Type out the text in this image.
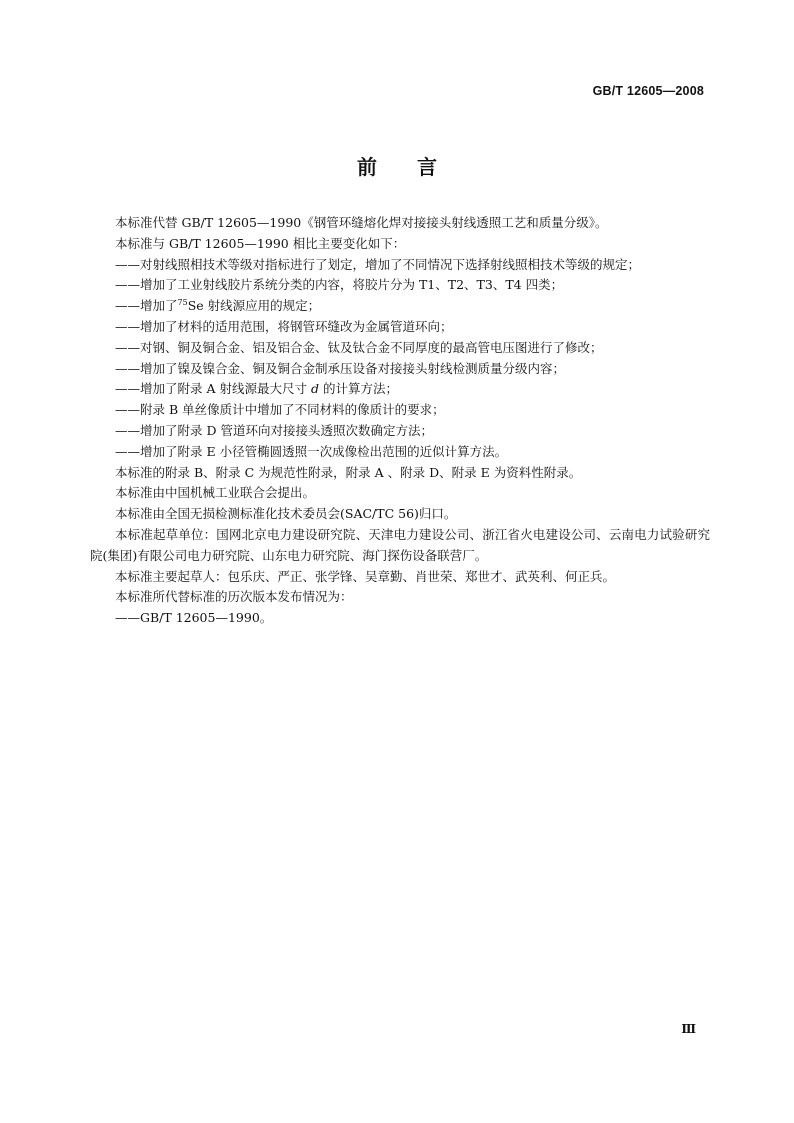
GB/T 12605—2008
前 言

本标准代替 GB/T 12605—1990《钢管环缝熔化焊对接接头射线透照工艺和质量分级》。

本标准与 GB/T 12605—1990 相比主要变化如下：

——对射线照相技术等级对指标进行了划定，增加了不同情况下选择射线照相技术等级的规定；

——增加了工业射线胶片系统分类的内容，将胶片分为 T1、T2、T3、T4 四类；

——增加了$^{75}$Se 射线源应用的规定；

——增加了材料的适用范围，将钢管环缝改为金属管道环向；

——对钢、铜及铜合金、铝及铝合金、钛及钛合金不同厚度的最高管电压图进行了修改；

——增加了镍及镍合金、铜及铜合金制承压设备对接接头射线检测质量分级内容；

——增加了附录 A 射线源最大尺寸 d 的计算方法；

——附录 B 单丝像质计中增加了不同材料的像质计的要求；

——增加了附录 D 管道环向对接接头透照次数确定方法；

——增加了附录 E 小径管椭圆透照一次成像检出范围的近似计算方法。

本标准的附录 B、附录 C 为规范性附录，附录 A 、附录 D、附录 E 为资料性附录。

本标准由中国机械工业联合会提出。

本标准由全国无损检测标准化技术委员会(SAC/TC 56)归口。

本标准起草单位：国网北京电力建设研究院、天津电力建设公司、浙江省火电建设公司、云南电力试验研究院(集团)有限公司电力研究院、山东电力研究院、海门探伤设备联营厂。

本标准主要起草人：包乐庆、严正、张学锋、吴章勤、肖世荣、郑世才、武英利、何正兵。

本标准所代替标准的历次版本发布情况为：

——GB/T 12605—1990。

Ⅲ
